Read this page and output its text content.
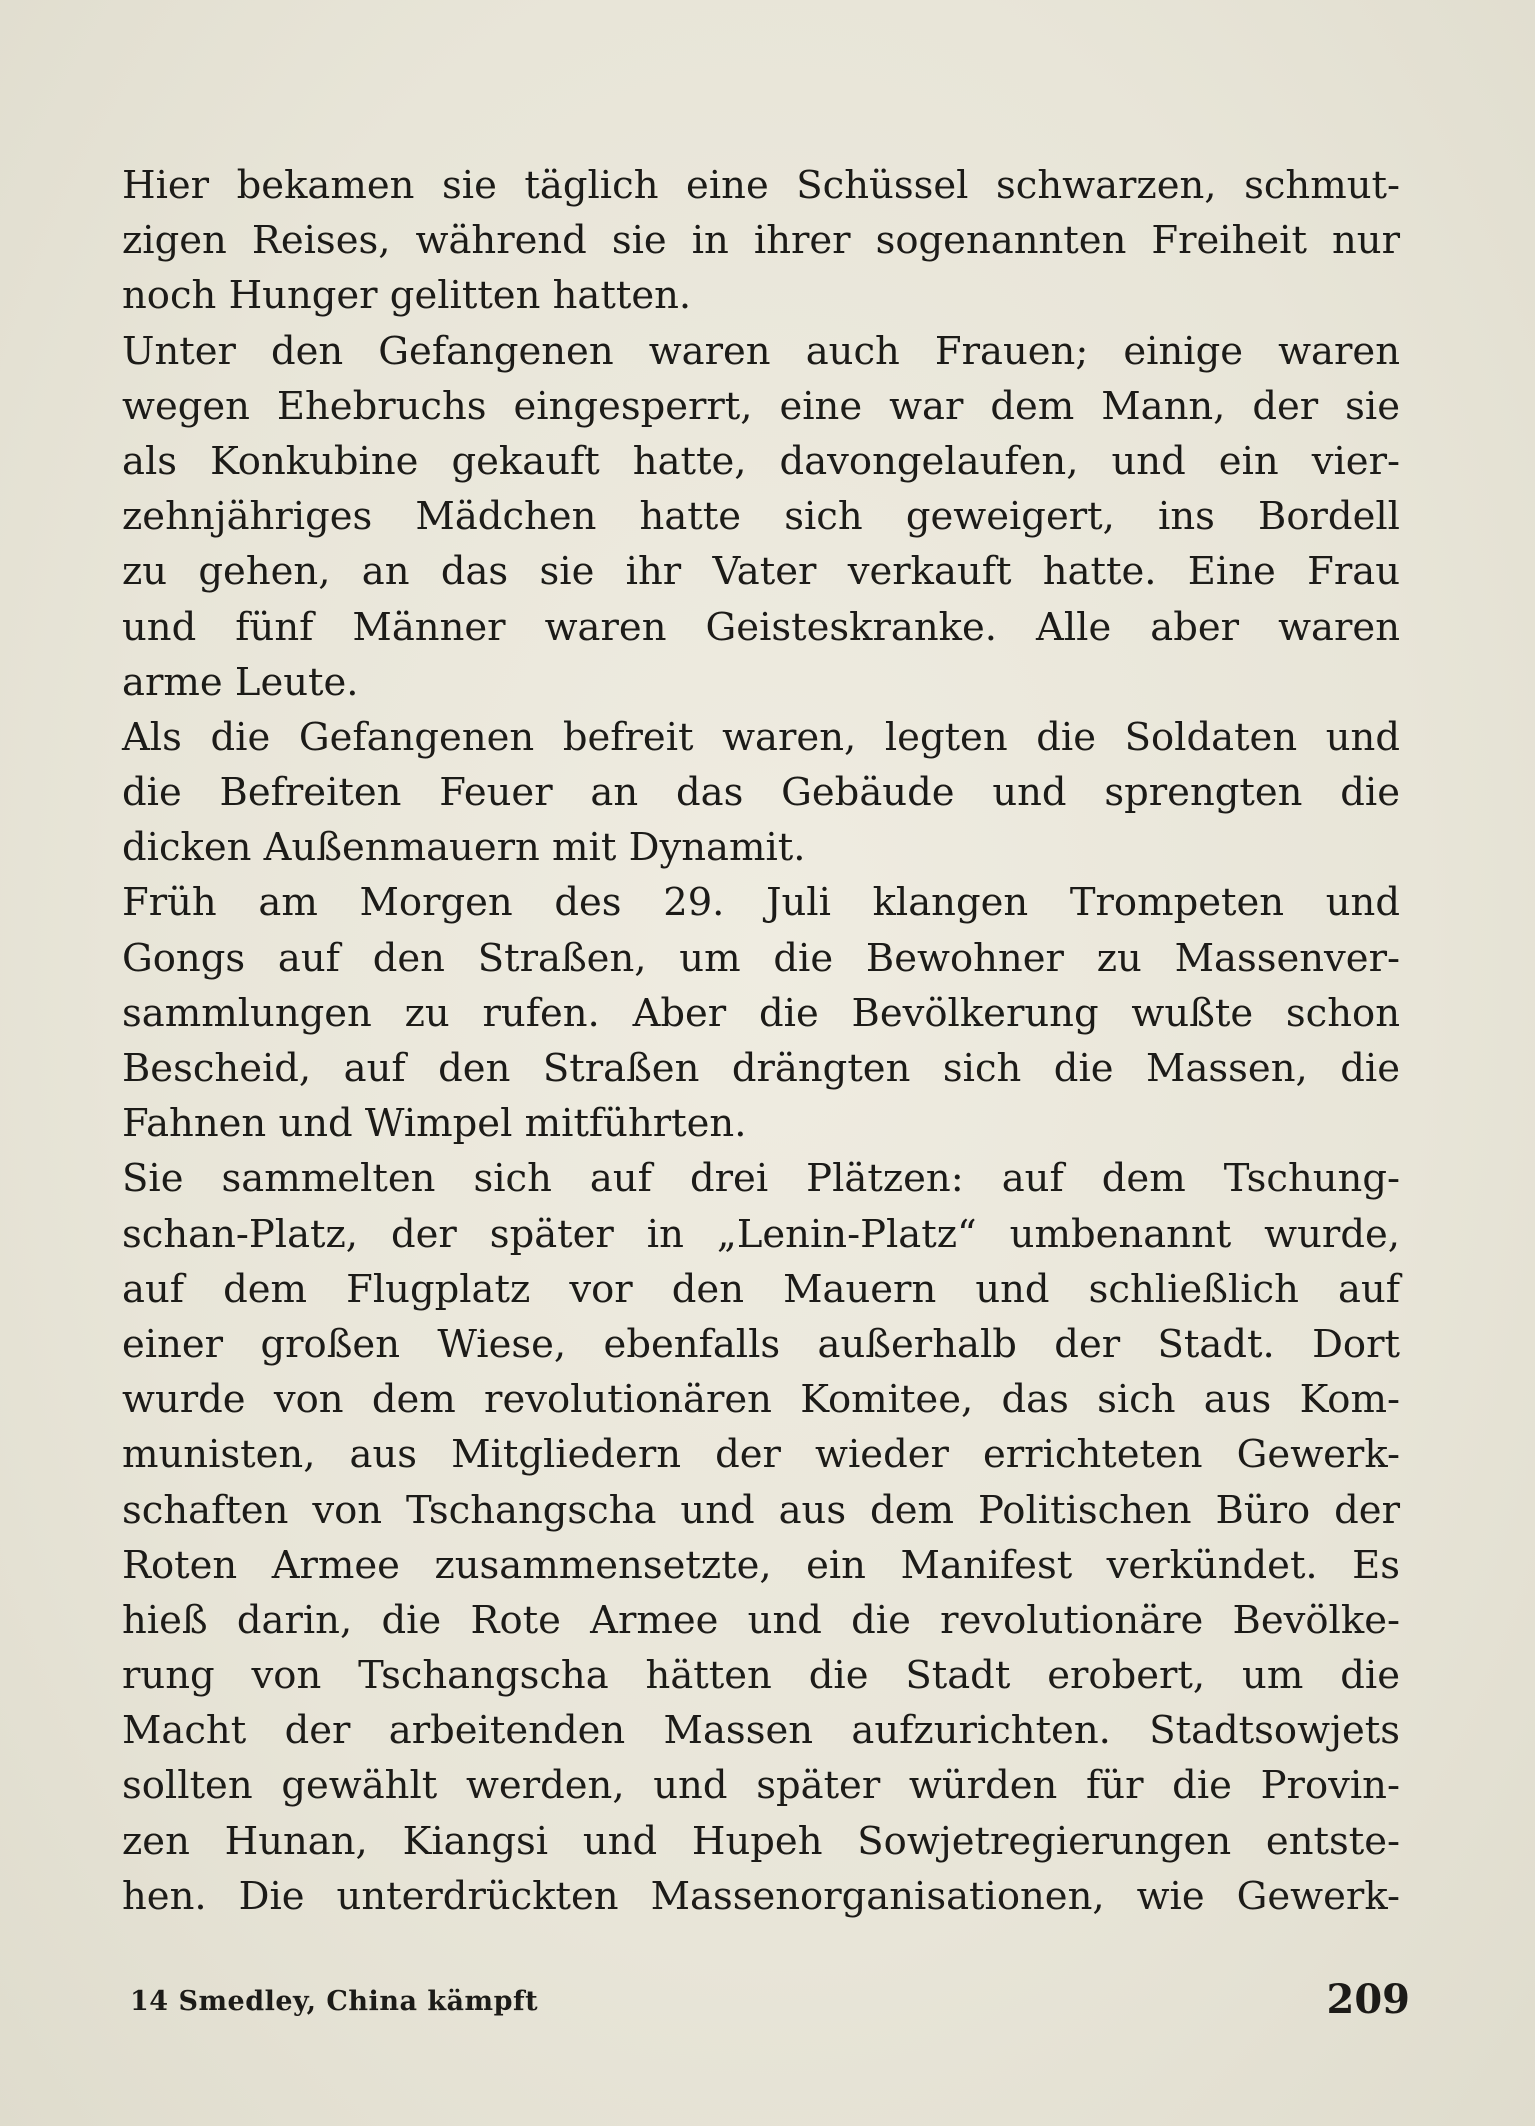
Hier bekamen sie täglich eine Schüssel schwarzen, schmut-
zigen Reises, während sie in ihrer sogenannten Freiheit nur
noch Hunger gelitten hatten.
Unter den Gefangenen waren auch Frauen; einige waren
wegen Ehebruchs eingesperrt, eine war dem Mann, der sie
als Konkubine gekauft hatte, davongelaufen, und ein vier-
zehnjähriges Mädchen hatte sich geweigert, ins Bordell
zu gehen, an das sie ihr Vater verkauft hatte. Eine Frau
und fünf Männer waren Geisteskranke. Alle aber waren
arme Leute.
Als die Gefangenen befreit waren, legten die Soldaten und
die Befreiten Feuer an das Gebäude und sprengten die
dicken Außenmauern mit Dynamit.
Früh am Morgen des 29. Juli klangen Trompeten und
Gongs auf den Straßen, um die Bewohner zu Massenver-
sammlungen zu rufen. Aber die Bevölkerung wußte schon
Bescheid, auf den Straßen drängten sich die Massen, die
Fahnen und Wimpel mitführten.
Sie sammelten sich auf drei Plätzen: auf dem Tschung-
schan-Platz, der später in „Lenin-Platz“ umbenannt wurde,
auf dem Flugplatz vor den Mauern und schließlich auf
einer großen Wiese, ebenfalls außerhalb der Stadt. Dort
wurde von dem revolutionären Komitee, das sich aus Kom-
munisten, aus Mitgliedern der wieder errichteten Gewerk-
schaften von Tschangscha und aus dem Politischen Büro der
Roten Armee zusammensetzte, ein Manifest verkündet. Es
hieß darin, die Rote Armee und die revolutionäre Bevölke-
rung von Tschangscha hätten die Stadt erobert, um die
Macht der arbeitenden Massen aufzurichten. Stadtsowjets
sollten gewählt werden, und später würden für die Provin-
zen Hunan, Kiangsi und Hupeh Sowjetregierungen entste-
hen. Die unterdrückten Massenorganisationen, wie Gewerk-
14 Smedley, China kämpft	209
